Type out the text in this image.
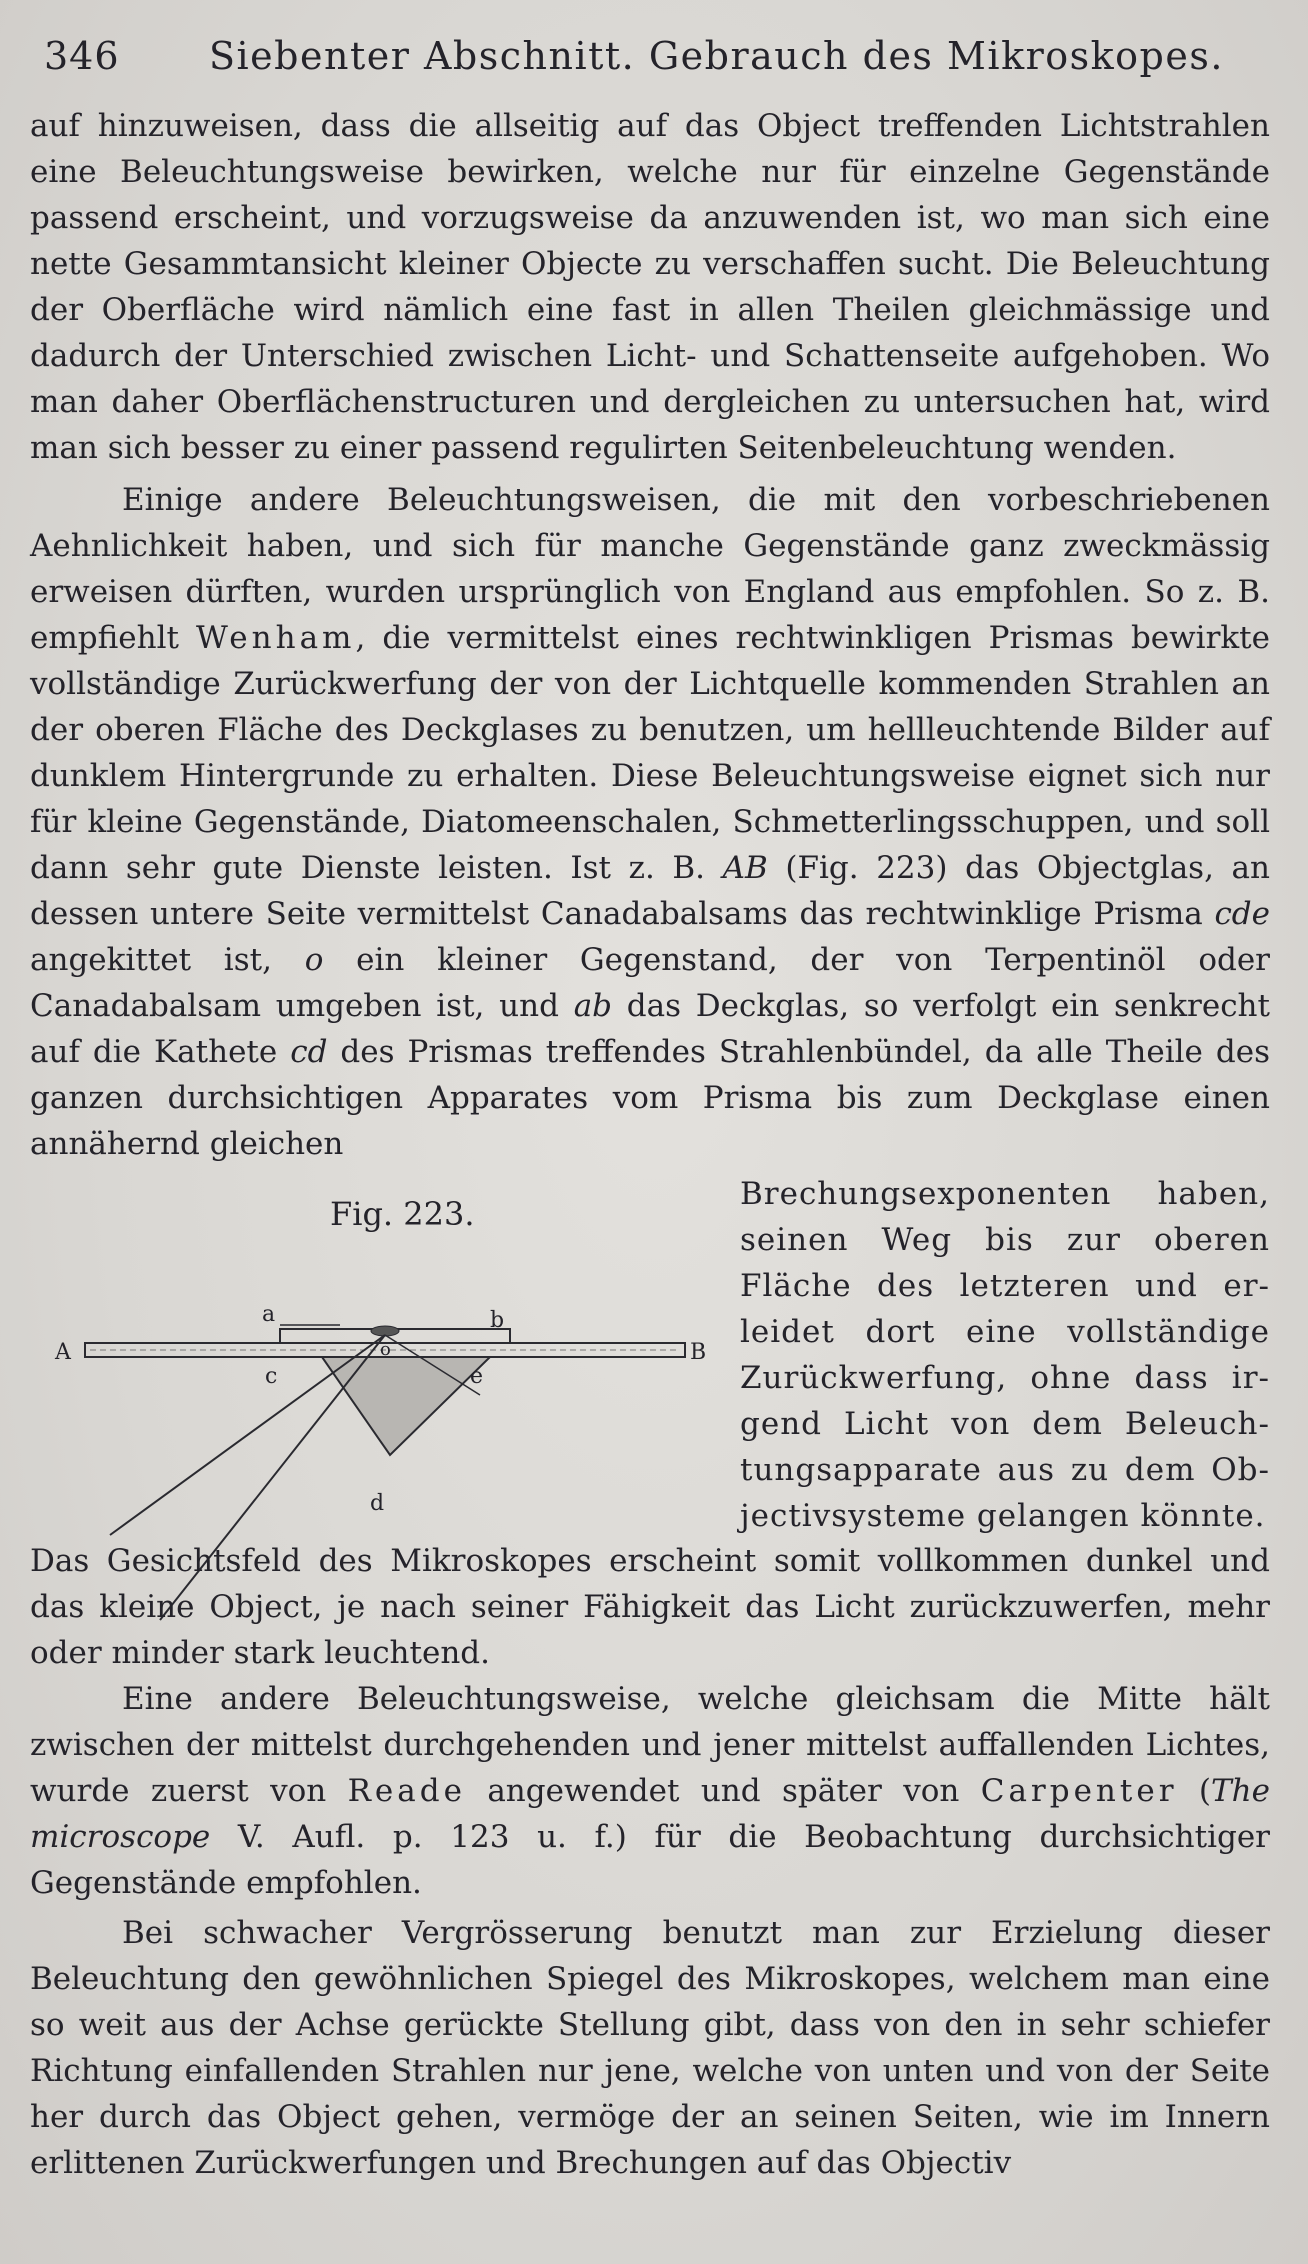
346 Siebenter Abschnitt. Gebrauch des Mikroskopes.
auf hinzuweisen, dass die allseitig auf das Object treffenden Lichtstrahlen eine Beleuchtungsweise bewirken, welche nur für einzelne Gegenstände passend erscheint, und vorzugsweise da anzuwenden ist, wo man sich eine nette Gesammtansicht kleiner Objecte zu verschaffen sucht. Die Beleuchtung der Oberfläche wird nämlich eine fast in allen Theilen gleichmässige und dadurch der Unterschied zwischen Licht- und Schattenseite aufgehoben. Wo man daher Oberflächenstructuren und dergleichen zu untersuchen hat, wird man sich besser zu einer passend regulirten Seitenbeleuchtung wenden.
Einige andere Beleuchtungsweisen, die mit den vorbeschriebenen Aehnlichkeit haben, und sich für manche Gegenstände ganz zweckmässig erweisen dürften, wurden ursprünglich von England aus empfohlen. So z. B. empfiehlt Wenham, die vermittelst eines rechtwinkligen Prismas bewirkte vollständige Zurückwerfung der von der Lichtquelle kommenden Strahlen an der oberen Fläche des Deckglases zu benutzen, um hellleuchtende Bilder auf dunklem Hintergrunde zu erhalten. Diese Beleuchtungsweise eignet sich nur für kleine Gegenstände, Diatomeenschalen, Schmetterlingsschuppen, und soll dann sehr gute Dienste leisten. Ist z. B. AB (Fig. 223) das Objectglas, an dessen untere Seite vermittelst Canadabalsams das rechtwinklige Prisma cde angekittet ist, o ein kleiner Gegenstand, der von Terpentinöl oder Canadabalsam umgeben ist, und ab das Deckglas, so verfolgt ein senkrecht auf die Kathete cd des Prismas treffendes Strahlenbündel, da alle Theile des ganzen durchsichtigen Apparates vom Prisma bis zum Deckglase einen annähernd gleichen
Fig. 223.
A	B
a	b
c
d
e
o
Brechungsexponenten haben,
seinen Weg bis zur oberen
Fläche des letzteren und er-
leidet dort eine vollständige
Zurückwerfung, ohne dass ir-
gend Licht von dem Beleuch-
tungsapparate aus zu dem Ob-
jectivsysteme gelangen könnte.
Das Gesichtsfeld des Mikroskopes erscheint somit vollkommen dunkel und das kleine Object, je nach seiner Fähigkeit das Licht zurückzuwerfen, mehr oder minder stark leuchtend.
Eine andere Beleuchtungsweise, welche gleichsam die Mitte hält zwischen der mittelst durchgehenden und jener mittelst auffallenden Lichtes, wurde zuerst von Reade angewendet und später von Carpenter (The microscope V. Aufl. p. 123 u. f.) für die Beobachtung durchsichtiger Gegenstände empfohlen.
Bei schwacher Vergrösserung benutzt man zur Erzielung dieser Beleuchtung den gewöhnlichen Spiegel des Mikroskopes, welchem man eine so weit aus der Achse gerückte Stellung gibt, dass von den in sehr schiefer Richtung einfallenden Strahlen nur jene, welche von unten und von der Seite her durch das Object gehen, vermöge der an seinen Seiten, wie im Innern erlittenen Zurückwerfungen und Brechungen auf das Objectiv
